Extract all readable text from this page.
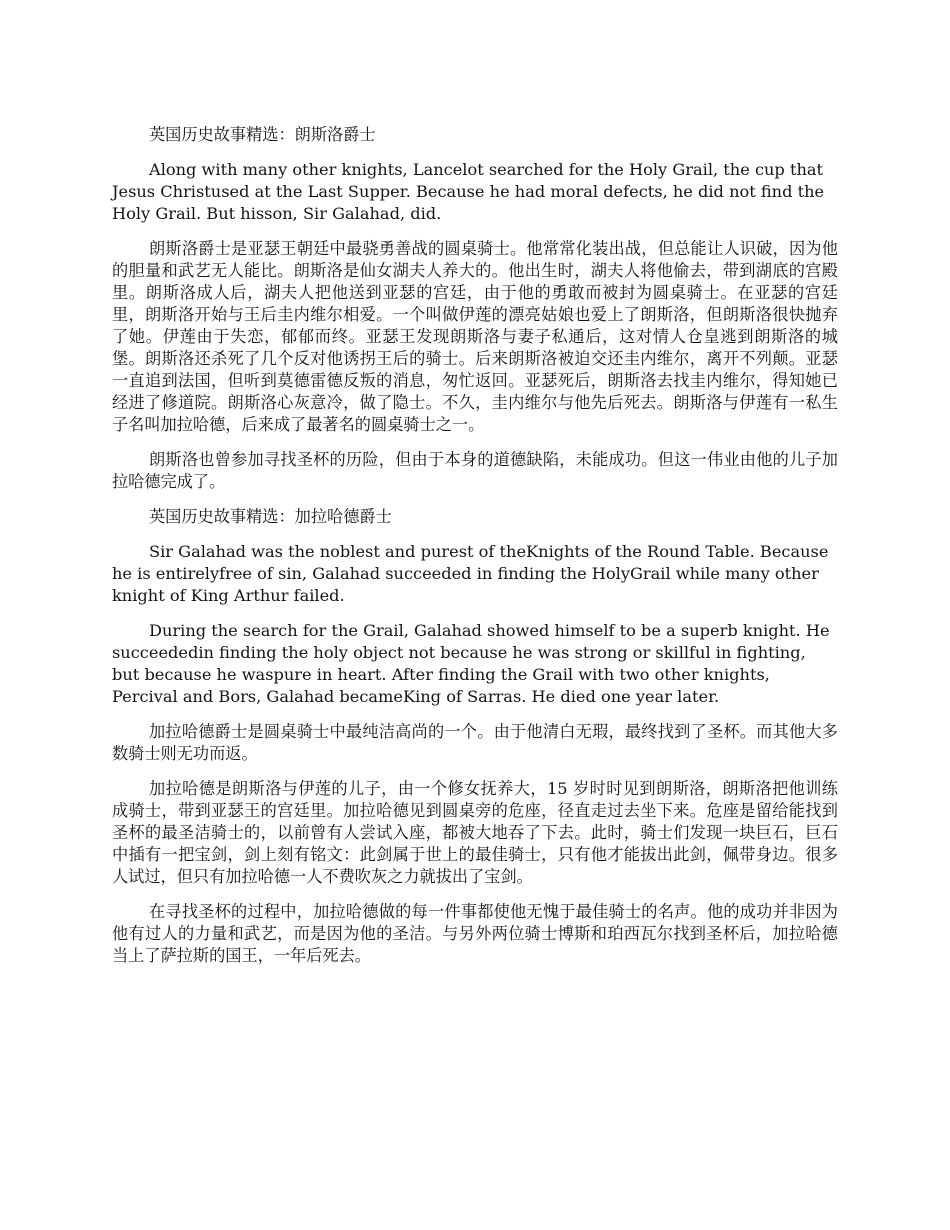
英国历史故事精选：朗斯洛爵士

Along with many other knights, Lancelot searched for the Holy Grail, the cup that Jesus Christused at the Last Supper. Because he had moral defects, he did not find the Holy Grail. But hisson, Sir Galahad, did.

朗斯洛爵士是亚瑟王朝廷中最骁勇善战的圆桌骑士。他常常化装出战，但总能让人识破，因为他的胆量和武艺无人能比。朗斯洛是仙女湖夫人养大的。他出生时，湖夫人将他偷去，带到湖底的宫殿里。朗斯洛成人后，湖夫人把他送到亚瑟的宫廷，由于他的勇敢而被封为圆桌骑士。在亚瑟的宫廷里，朗斯洛开始与王后圭内维尔相爱。一个叫做伊莲的漂亮姑娘也爱上了朗斯洛，但朗斯洛很快抛弃了她。伊莲由于失恋，郁郁而终。亚瑟王发现朗斯洛与妻子私通后，这对情人仓皇逃到朗斯洛的城堡。朗斯洛还杀死了几个反对他诱拐王后的骑士。后来朗斯洛被迫交还圭内维尔，离开不列颠。亚瑟一直追到法国，但听到莫德雷德反叛的消息，匆忙返回。亚瑟死后，朗斯洛去找圭内维尔，得知她已经进了修道院。朗斯洛心灰意冷，做了隐士。不久，圭内维尔与他先后死去。朗斯洛与伊莲有一私生子名叫加拉哈德，后来成了最著名的圆桌骑士之一。

朗斯洛也曾参加寻找圣杯的历险，但由于本身的道德缺陷，未能成功。但这一伟业由他的儿子加拉哈德完成了。

英国历史故事精选：加拉哈德爵士

Sir Galahad was the noblest and purest of theKnights of the Round Table. Because he is entirelyfree of sin, Galahad succeeded in finding the HolyGrail while many other knight of King Arthur failed.

During the search for the Grail, Galahad showed himself to be a superb knight. He succeededin finding the holy object not because he was strong or skillful in fighting, but because he waspure in heart. After finding the Grail with two other knights, Percival and Bors, Galahad becameKing of Sarras. He died one year later.

加拉哈德爵士是圆桌骑士中最纯洁高尚的一个。由于他清白无瑕，最终找到了圣杯。而其他大多数骑士则无功而返。

加拉哈德是朗斯洛与伊莲的儿子，由一个修女抚养大，15 岁时时见到朗斯洛，朗斯洛把他训练成骑士，带到亚瑟王的宫廷里。加拉哈德见到圆桌旁的危座，径直走过去坐下来。危座是留给能找到圣杯的最圣洁骑士的，以前曾有人尝试入座，都被大地吞了下去。此时，骑士们发现一块巨石，巨石中插有一把宝剑，剑上刻有铭文：此剑属于世上的最佳骑士，只有他才能拔出此剑，佩带身边。很多人试过，但只有加拉哈德一人不费吹灰之力就拔出了宝剑。

在寻找圣杯的过程中，加拉哈德做的每一件事都使他无愧于最佳骑士的名声。他的成功并非因为他有过人的力量和武艺，而是因为他的圣洁。与另外两位骑士博斯和珀西瓦尔找到圣杯后，加拉哈德当上了萨拉斯的国王，一年后死去。
